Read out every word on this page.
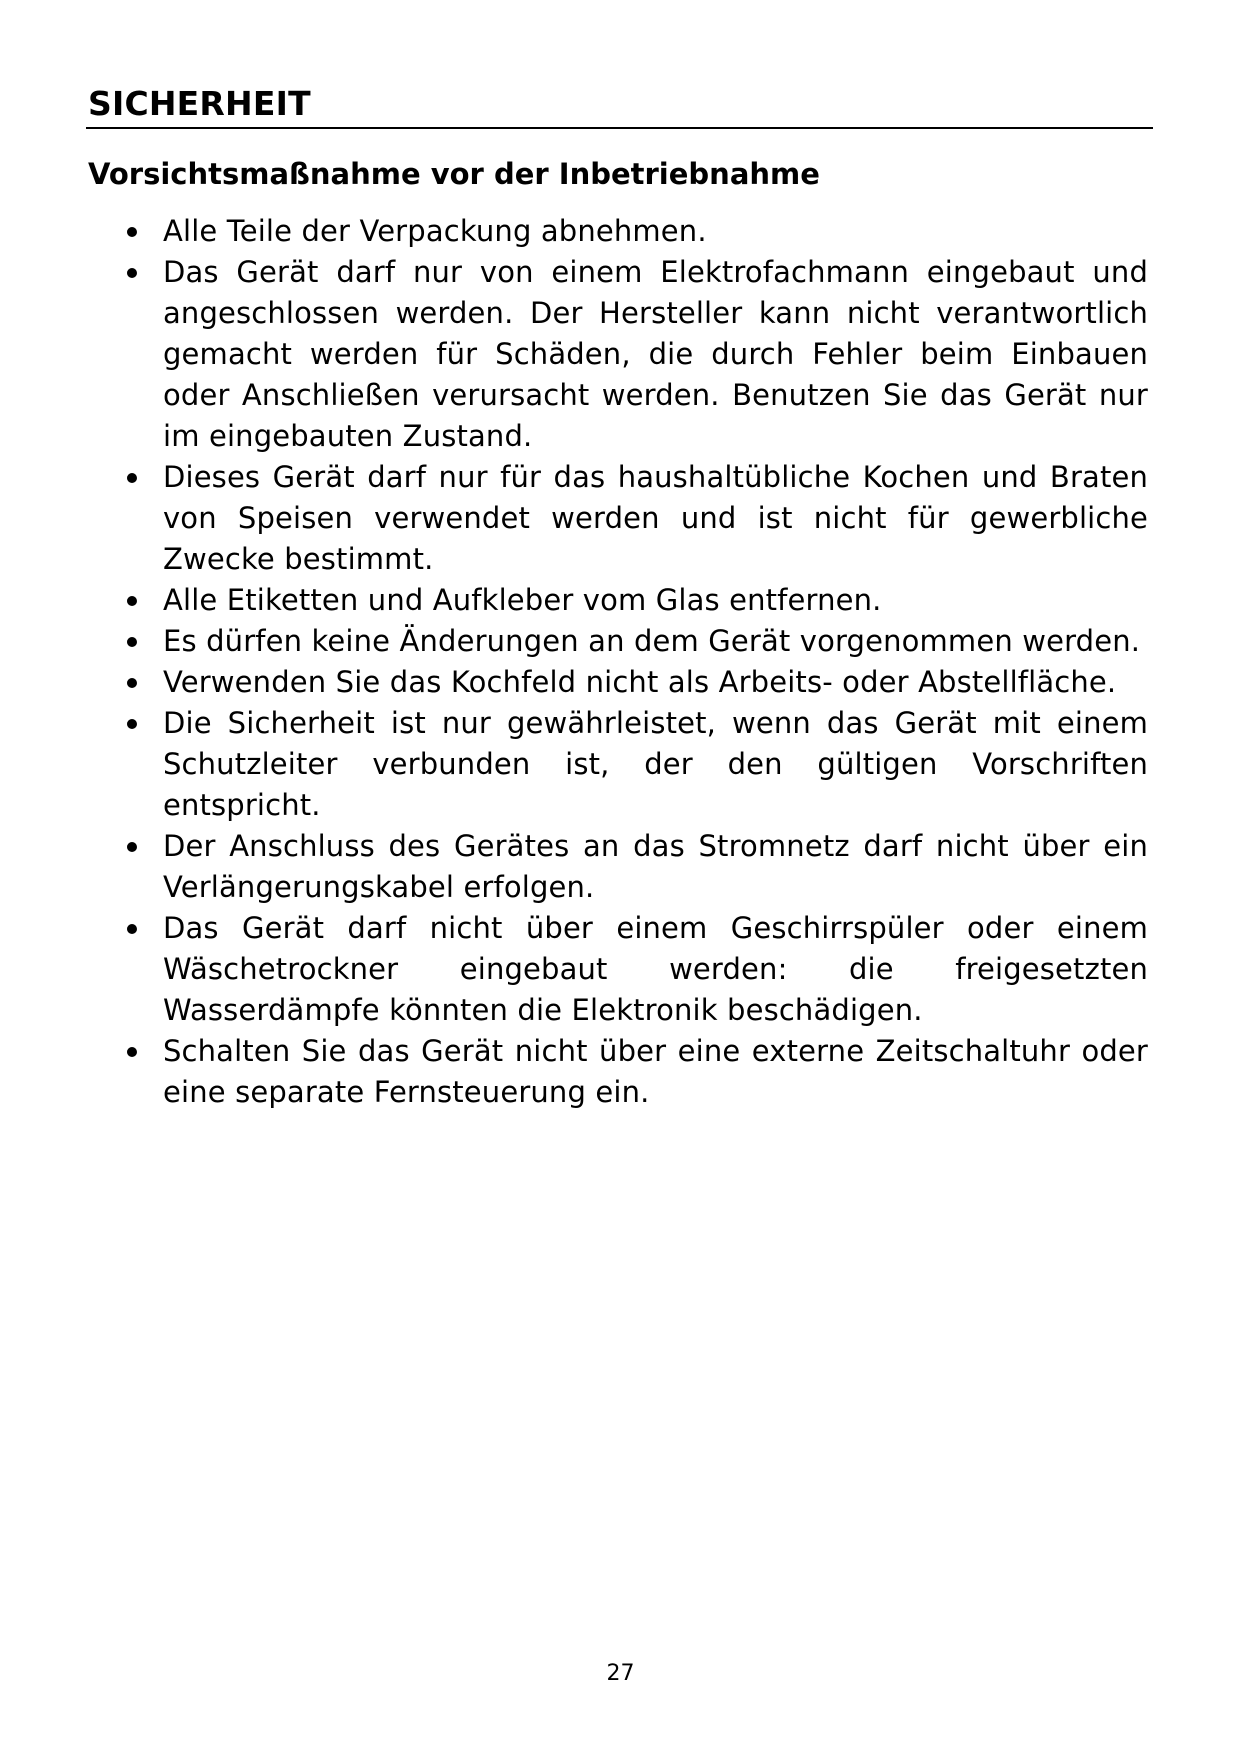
SICHERHEIT
Vorsichtsmaßnahme vor der Inbetriebnahme
Alle Teile der Verpackung abnehmen.
Das Gerät darf nur von einem Elektrofachmann eingebaut und angeschlossen werden. Der Hersteller kann nicht verantwortlich gemacht werden für Schäden, die durch Fehler beim Einbauen oder Anschließen verursacht werden. Benutzen Sie das Gerät nur im eingebauten Zustand.
Dieses Gerät darf nur für das haushaltübliche Kochen und Braten von Speisen verwendet werden und ist nicht für gewerbliche Zwecke bestimmt.
Alle Etiketten und Aufkleber vom Glas entfernen.
Es dürfen keine Änderungen an dem Gerät vorgenommen werden.
Verwenden Sie das Kochfeld nicht als Arbeits- oder Abstellfläche.
Die Sicherheit ist nur gewährleistet, wenn das Gerät mit einem Schutzleiter verbunden ist, der den gültigen Vorschriften entspricht.
Der Anschluss des Gerätes an das Stromnetz darf nicht über ein Verlängerungskabel erfolgen.
Das Gerät darf nicht über einem Geschirrspüler oder einem Wäschetrockner eingebaut werden: die freigesetzten Wasserdämpfe könnten die Elektronik beschädigen.
Schalten Sie das Gerät nicht über eine externe Zeitschaltuhr oder eine separate Fernsteuerung ein.
27
